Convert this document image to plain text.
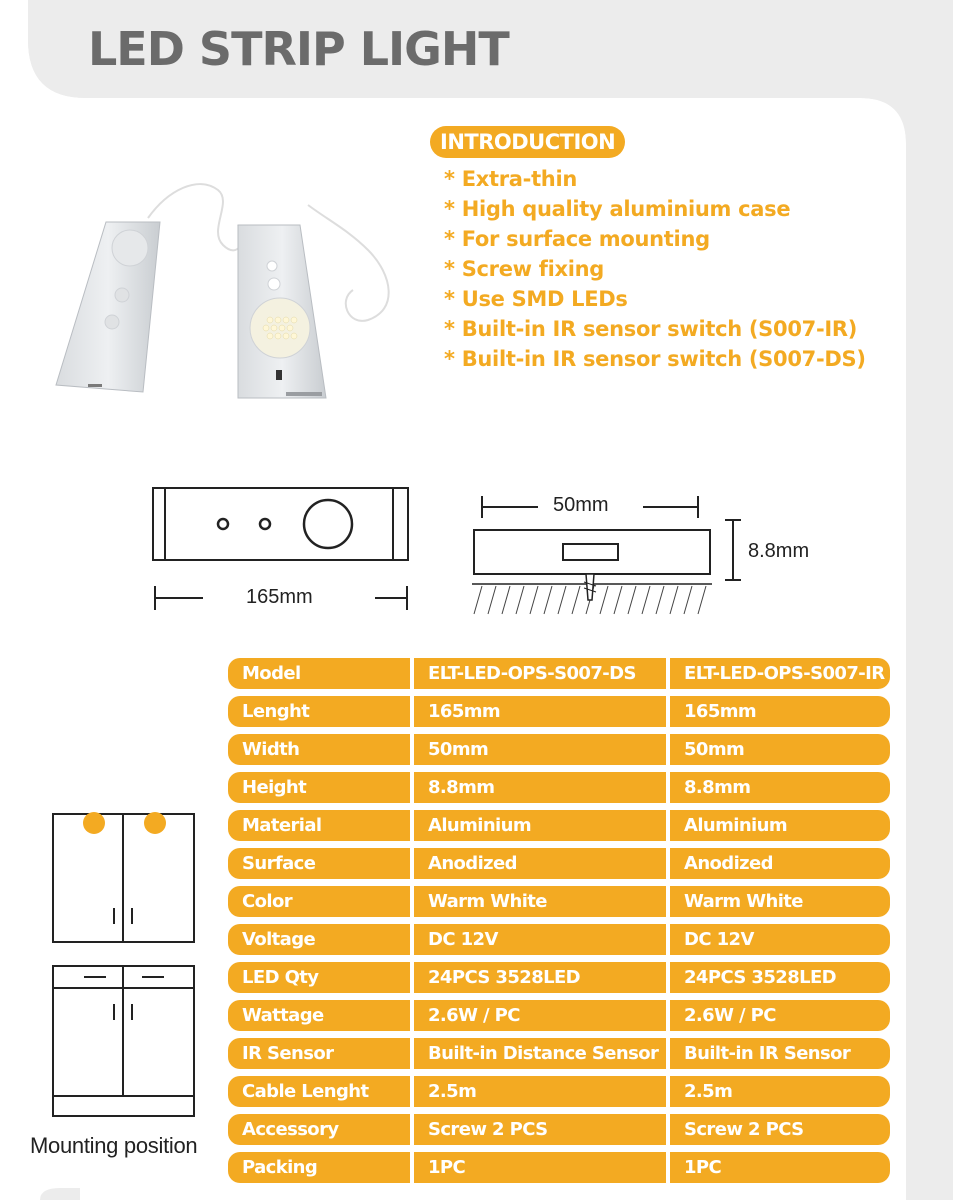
LED STRIP LIGHT
INTRODUCTION
* Extra-thin
* High quality aluminium case
* For surface mounting
* Screw fixing
* Use SMD LEDs
* Built-in IR sensor switch (S007-IR)
* Built-in IR sensor switch (S007-DS)
165mm
50mm
8.8mm
Mounting position
Model	ELT-LED-OPS-S007-DS	ELT-LED-OPS-S007-IR
Lenght	165mm	165mm
Width	50mm	50mm
Height	8.8mm	8.8mm
Material	Aluminium	Aluminium
Surface	Anodized	Anodized
Color	Warm White	Warm White
Voltage	DC 12V	DC 12V
LED Qty	24PCS 3528LED	24PCS 3528LED
Wattage	2.6W / PC	2.6W / PC
IR Sensor	Built-in Distance Sensor	Built-in IR Sensor
Cable Lenght	2.5m	2.5m
Accessory	Screw 2 PCS	Screw 2 PCS
Packing	1PC	1PC
